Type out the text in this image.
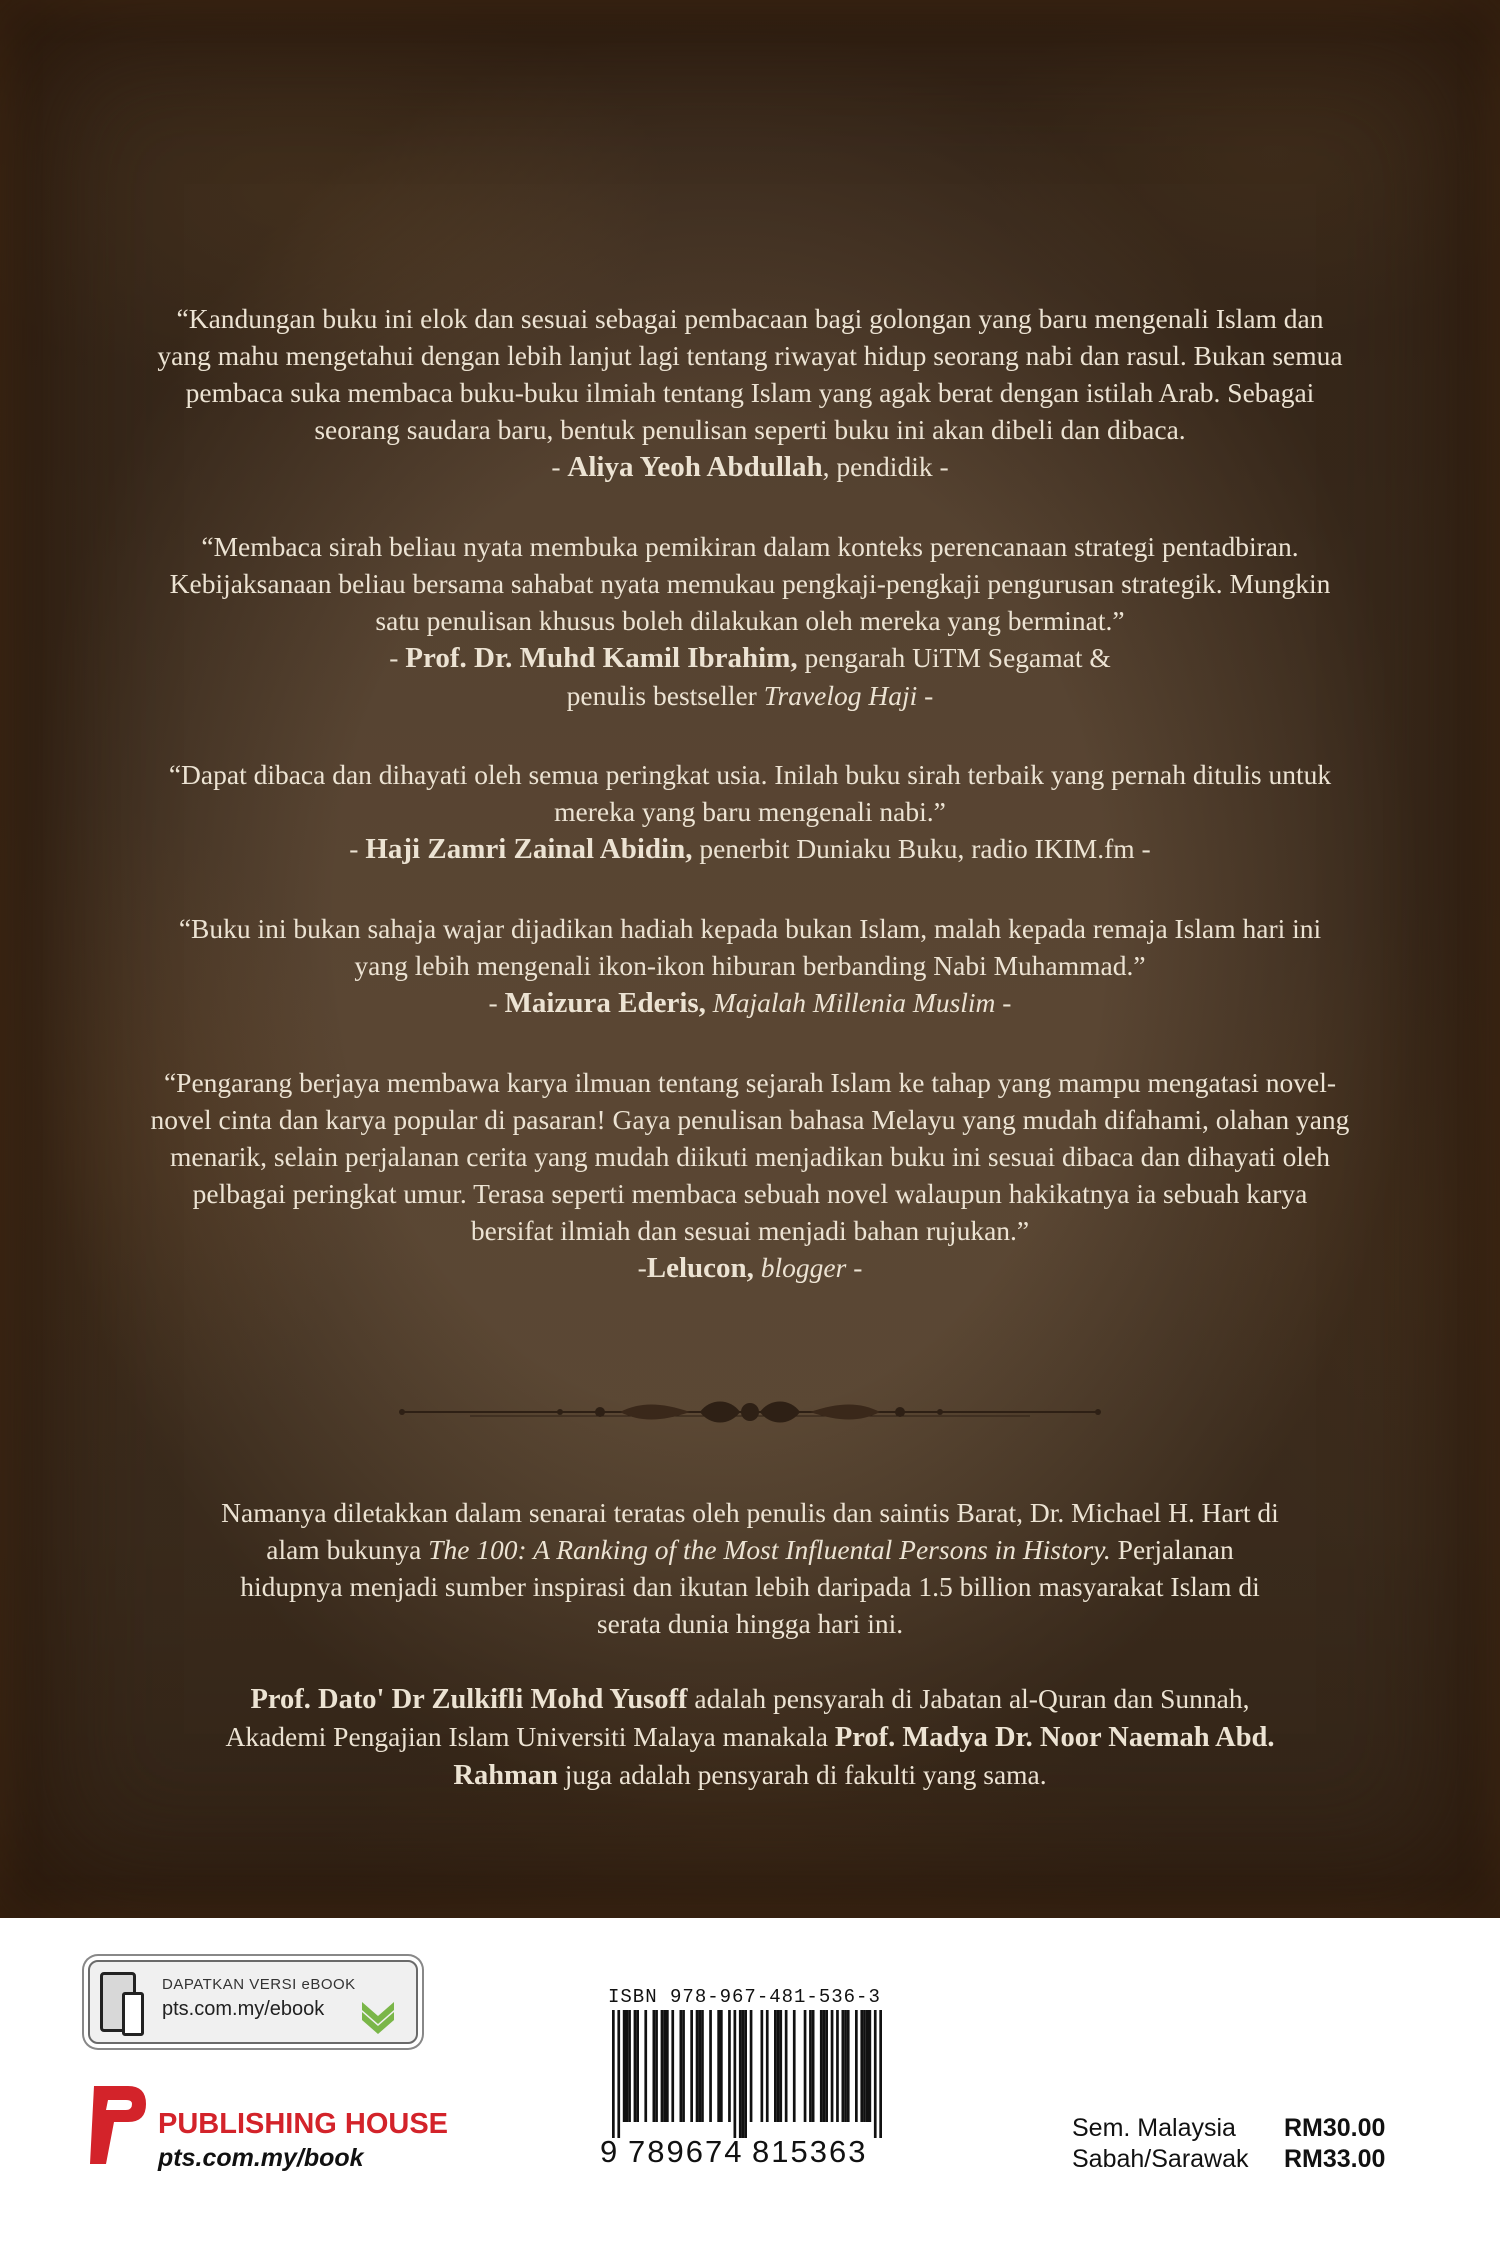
“Kandungan buku ini elok dan sesuai sebagai pembacaan bagi golongan yang baru mengenali Islam dan yang mahu mengetahui dengan lebih lanjut lagi tentang riwayat hidup seorang nabi dan rasul. Bukan semua pembaca suka membaca buku-buku ilmiah tentang Islam yang agak berat dengan istilah Arab. Sebagai seorang saudara baru, bentuk penulisan seperti buku ini akan dibeli dan dibaca.

- Aliya Yeoh Abdullah, pendidik -

“Membaca sirah beliau nyata membuka pemikiran dalam konteks perencanaan strategi pentadbiran. Kebijaksanaan beliau bersama sahabat nyata memukau pengkaji-pengkaji pengurusan strategik. Mungkin satu penulisan khusus boleh dilakukan oleh mereka yang berminat.”

- Prof. Dr. Muhd Kamil Ibrahim, pengarah UiTM Segamat &
penulis bestseller Travelog Haji -

“Dapat dibaca dan dihayati oleh semua peringkat usia. Inilah buku sirah terbaik yang pernah ditulis untuk mereka yang baru mengenali nabi.”

- Haji Zamri Zainal Abidin, penerbit Duniaku Buku, radio IKIM.fm -

“Buku ini bukan sahaja wajar dijadikan hadiah kepada bukan Islam, malah kepada remaja Islam hari ini yang lebih mengenali ikon-ikon hiburan berbanding Nabi Muhammad.”

- Maizura Ederis, Majalah Millenia Muslim -

“Pengarang berjaya membawa karya ilmuan tentang sejarah Islam ke tahap yang mampu mengatasi novel-novel cinta dan karya popular di pasaran! Gaya penulisan bahasa Melayu yang mudah difahami, olahan yang menarik, selain perjalanan cerita yang mudah diikuti menjadikan buku ini sesuai dibaca dan dihayati oleh pelbagai peringkat umur. Terasa seperti membaca sebuah novel walaupun hakikatnya ia sebuah karya bersifat ilmiah dan sesuai menjadi bahan rujukan.”

-Lelucon, blogger -

Namanya diletakkan dalam senarai teratas oleh penulis dan saintis Barat, Dr. Michael H. Hart di alam bukunya The 100: A Ranking of the Most Influental Persons in History. Perjalanan hidupnya menjadi sumber inspirasi dan ikutan lebih daripada 1.5 billion masyarakat Islam di serata dunia hingga hari ini.

Prof. Dato' Dr Zulkifli Mohd Yusoff adalah pensyarah di Jabatan al-Quran dan Sunnah, Akademi Pengajian Islam Universiti Malaya manakala Prof. Madya Dr. Noor Naemah Abd. Rahman juga adalah pensyarah di fakulti yang sama.

DAPATKAN VERSI eBOOK
pts.com.my/ebook
PTS
PUBLISHING HOUSE
pts.com.my/book
ISBN 978-967-481-536-3
9 789674 815363
Sem. Malaysia	RM30.00
Sabah/Sarawak	RM33.00
